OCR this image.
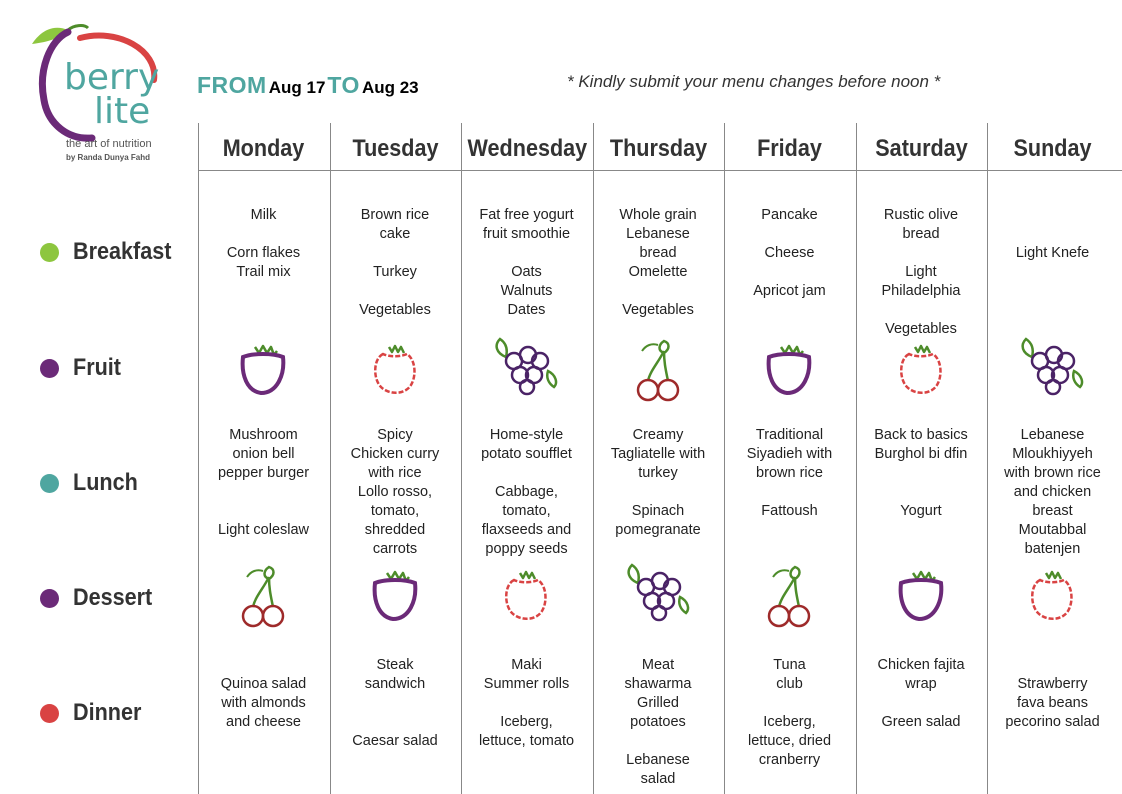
berry
lite
the art of nutrition
by Randa Dunya Fahd
FROM Aug 17 TO Aug 23	* Kindly submit your menu changes before noon *
Breakfast
Fruit
Lunch
Dessert
Dinner
Monday
Milk

Corn flakes
Trail mix
Mushroom
onion bell
pepper burger

Light coleslaw
Quinoa salad
with almonds
and cheese
Tuesday
Brown rice
cake

Turkey

Vegetables
Spicy
Chicken curry
with rice
Lollo rosso,
tomato,
shredded
carrots
Steak
sandwich

Caesar salad
Wednesday
Fat free yogurt
fruit smoothie

Oats
Walnuts
Dates
Home-style
potato soufflet

Cabbage,
tomato,
flaxseeds and
poppy seeds
Maki
Summer rolls

Iceberg,
lettuce, tomato
Thursday
Whole grain
Lebanese
bread
Omelette

Vegetables
Creamy
Tagliatelle with
turkey

Spinach
pomegranate
Meat
shawarma
Grilled
potatoes

Lebanese
salad
Friday
Pancake

Cheese

Apricot jam
Traditional
Siyadieh with
brown rice

Fattoush
Tuna
club

Iceberg,
lettuce, dried
cranberry
Saturday
Rustic olive
bread

Light
Philadelphia

Vegetables
Back to basics
Burghol bi dfin

Yogurt
Chicken fajita
wrap

Green salad
Sunday
Light Knefe
Lebanese
Mloukhiyyeh
with brown rice
and chicken
breast
Moutabbal
batenjen
Strawberry
fava beans
pecorino salad
